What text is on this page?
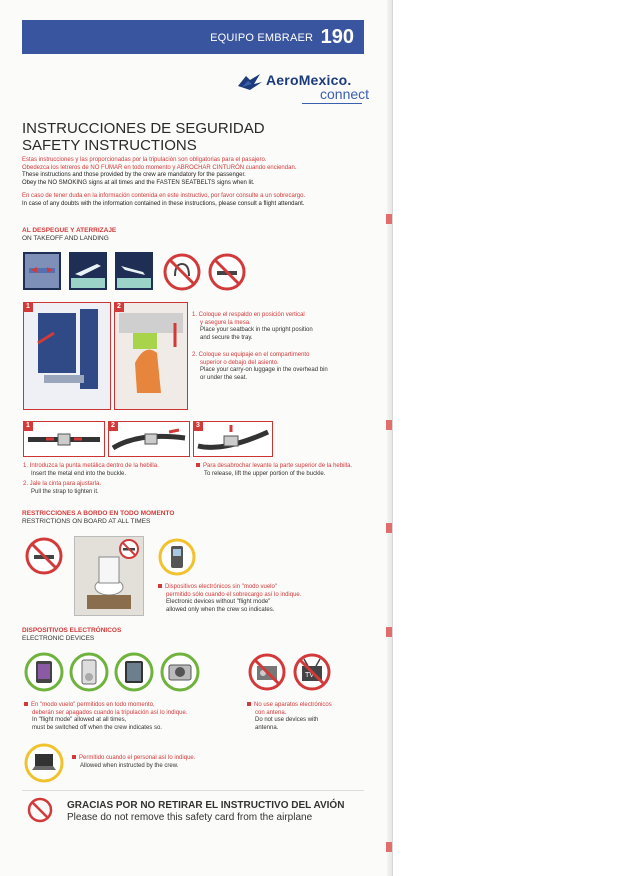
EQUIPO EMBRAER 190
AeroMexico.
connect
INSTRUCCIONES DE SEGURIDAD
SAFETY INSTRUCTIONS
Estas instrucciones y las proporcionadas por la tripulación son obligatorias para el pasajero.
Obedezca los letreros de NO FUMAR en todo momento y ABROCHAR CINTURÓN cuando enciendan.
These instructions and those provided by the crew are mandatory for the passenger.
Obey the NO SMOKING signs at all times and the FASTEN SEATBELTS signs when lit.
En caso de tener duda en la información contenida en este instructivo, por favor consulte a un sobrecargo.
In case of any doubts with the information contained in these instructions, please consult a flight attendant.
AL DESPEGUE Y ATERRIZAJE
ON TAKEOFF AND LANDING
1	2
1. Coloque el respaldo en posición vertical
y asegure la mesa.
Place your seatback in the upright position
and secure the tray.
2. Coloque su equipaje en el compartimento
superior o debajo del asiento.
Place your carry-on luggage in the overhead bin
or under the seat.
1	2	3
1. Introduzca la punta metálica dentro de la hebilla.
Insert the metal end into the buckle.
2. Jale la cinta para ajustarla.
Pull the strap to tighten it.
Para desabrochar levante la parte superior de la hebilla.
To release, lift the upper portion of the buckle.
RESTRICCIONES A BORDO EN TODO MOMENTO
RESTRICTIONS ON BOARD AT ALL TIMES
Dispositivos electrónicos sin "modo vuelo"
permitido sólo cuando el sobrecargo así lo indique.
Electronic devices without "flight mode"
allowed only when the crew so indicates.
DISPOSITIVOS ELECTRÓNICOS
ELECTRONIC DEVICES
TV
En "modo vuelo" permitidos en todo momento,
deberán ser apagados cuando la tripulación así lo indique.
In "flight mode" allowed at all times,
must be switched off when the crew indicates so.
No use aparatos electrónicos
con antena.
Do not use devices with
antenna.
Permitido cuando el personal así lo indique.
Allowed when instructed by the crew.
GRACIAS POR NO RETIRAR EL INSTRUCTIVO DEL AVIÓN
Please do not remove this safety card from the airplane
